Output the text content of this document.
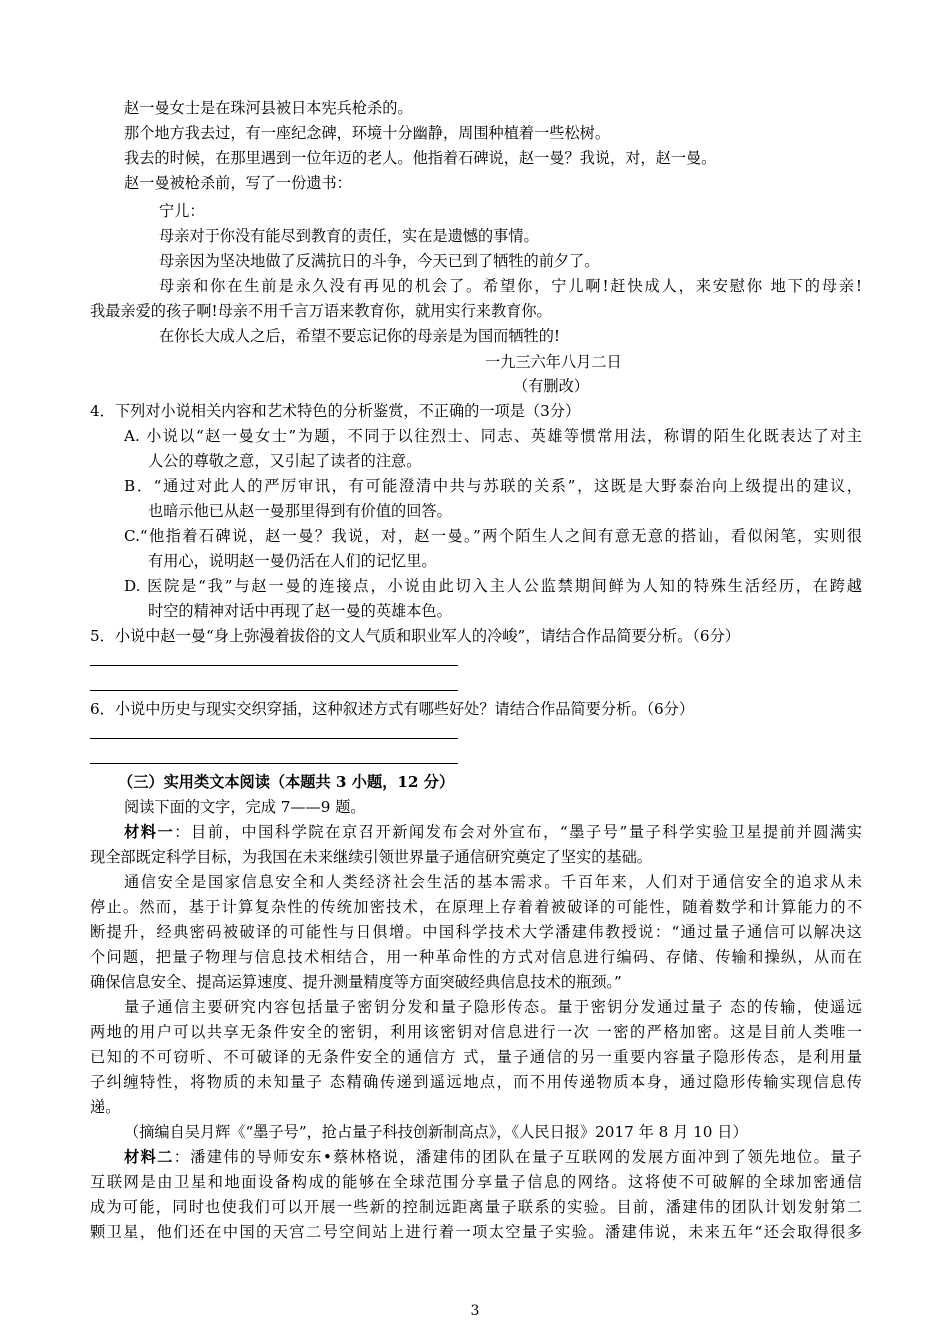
赵一曼女士是在珠河县被日本宪兵枪杀的。
那个地方我去过，有一座纪念碑，环境十分幽静，周围种植着一些松树。
我去的时候，在那里遇到一位年迈的老人。他指着石碑说，赵一曼？我说，对，赵一曼。
赵一曼被枪杀前，写了一份遗书：
宁儿：
母亲对于你没有能尽到教育的责任，实在是遗憾的事情。
母亲因为坚决地做了反满抗日的斗争，今天已到了牺牲的前夕了。
母亲和你在生前是永久没有再见的机会了。希望你，宁儿啊!赶快成人，来安慰你 地下的母亲!
我最亲爱的孩子啊!母亲不用千言万语来教育你，就用实行来教育你。
在你长大成人之后，希望不要忘记你的母亲是为国而牺牲的!
一九三六年八月二日
（有删改）
4．下列对小说相关内容和艺术特色的分析鉴赏，不正确的一项是（3分）
A. 小说以“赵一曼女士”为题，不同于以往烈士、同志、英雄等惯常用法，称谓的陌生化既表达了对主
人公的尊敬之意，又引起了读者的注意。
B．“通过对此人的严厉审讯，有可能澄清中共与苏联的关系”，这既是大野泰治向上级提出的建议，
也暗示他已从赵一曼那里得到有价值的回答。
C.“他指着石碑说，赵一曼？我说，对，赵一曼。”两个陌生人之间有意无意的搭讪，看似闲笔，实则很
有用心，说明赵一曼仍活在人们的记忆里。
D. 医院是“我”与赵一曼的连接点，小说由此切入主人公监禁期间鲜为人知的特殊生活经历，在跨越
时空的精神对话中再现了赵一曼的英雄本色。
5．小说中赵一曼“身上弥漫着拔俗的文人气质和职业军人的冷峻”，请结合作品简要分析。（6分）
6．小说中历史与现实交织穿插，这种叙述方式有哪些好处？请结合作品简要分析。（6分）
（三）实用类文本阅读（本题共 3 小题，12 分）
阅读下面的文字，完成 7——9 题。
材料一：目前，中国科学院在京召开新闻发布会对外宣布，“墨子号”量子科学实验卫星提前并圆满实
现全部既定科学目标，为我国在未来继续引领世界量子通信研究奠定了坚实的基础。
通信安全是国家信息安全和人类经济社会生活的基本需求。千百年来，人们对于通信安全的追求从未
停止。然而，基于计算复杂性的传统加密技术，在原理上存着着被破译的可能性，随着数学和计算能力的不
断提升，经典密码被破译的可能性与日俱增。中国科学技术大学潘建伟教授说：“通过量子通信可以解决这
个问题，把量子物理与信息技术相结合，用一种革命性的方式对信息进行编码、存储、传输和操纵，从而在
确保信息安全、提高运算速度、提升测量精度等方面突破经典信息技术的瓶颈。”
量子通信主要研究内容包括量子密钥分发和量子隐形传态。量于密钥分发通过量子 态的传输，使遥远
两地的用户可以共享无条件安全的密钥，利用该密钥对信息进行一次 一密的严格加密。这是目前人类唯一
已知的不可窃听、不可破译的无条件安全的通信方 式，量子通信的另一重要内容量子隐形传态，是利用量
子纠缠特性，将物质的未知量子 态精确传递到遥远地点，而不用传递物质本身，通过隐形传输实现信息传
递。
（摘编自吴月辉《“墨子号”，抢占量子科技创新制高点》，《人民日报》2017 年 8 月 10 日）
材料二：潘建伟的导师安东•蔡林格说，潘建伟的团队在量子互联网的发展方面冲到了领先地位。量子
互联网是由卫星和地面设备构成的能够在全球范围分享量子信息的网络。这将使不可破解的全球加密通信
成为可能，同时也使我们可以开展一些新的控制远距离量子联系的实验。目前，潘建伟的团队计划发射第二
颗卫星，他们还在中国的天宫二号空间站上进行着一项太空量子实验。潘建伟说，未来五年“还会取得很多
3
